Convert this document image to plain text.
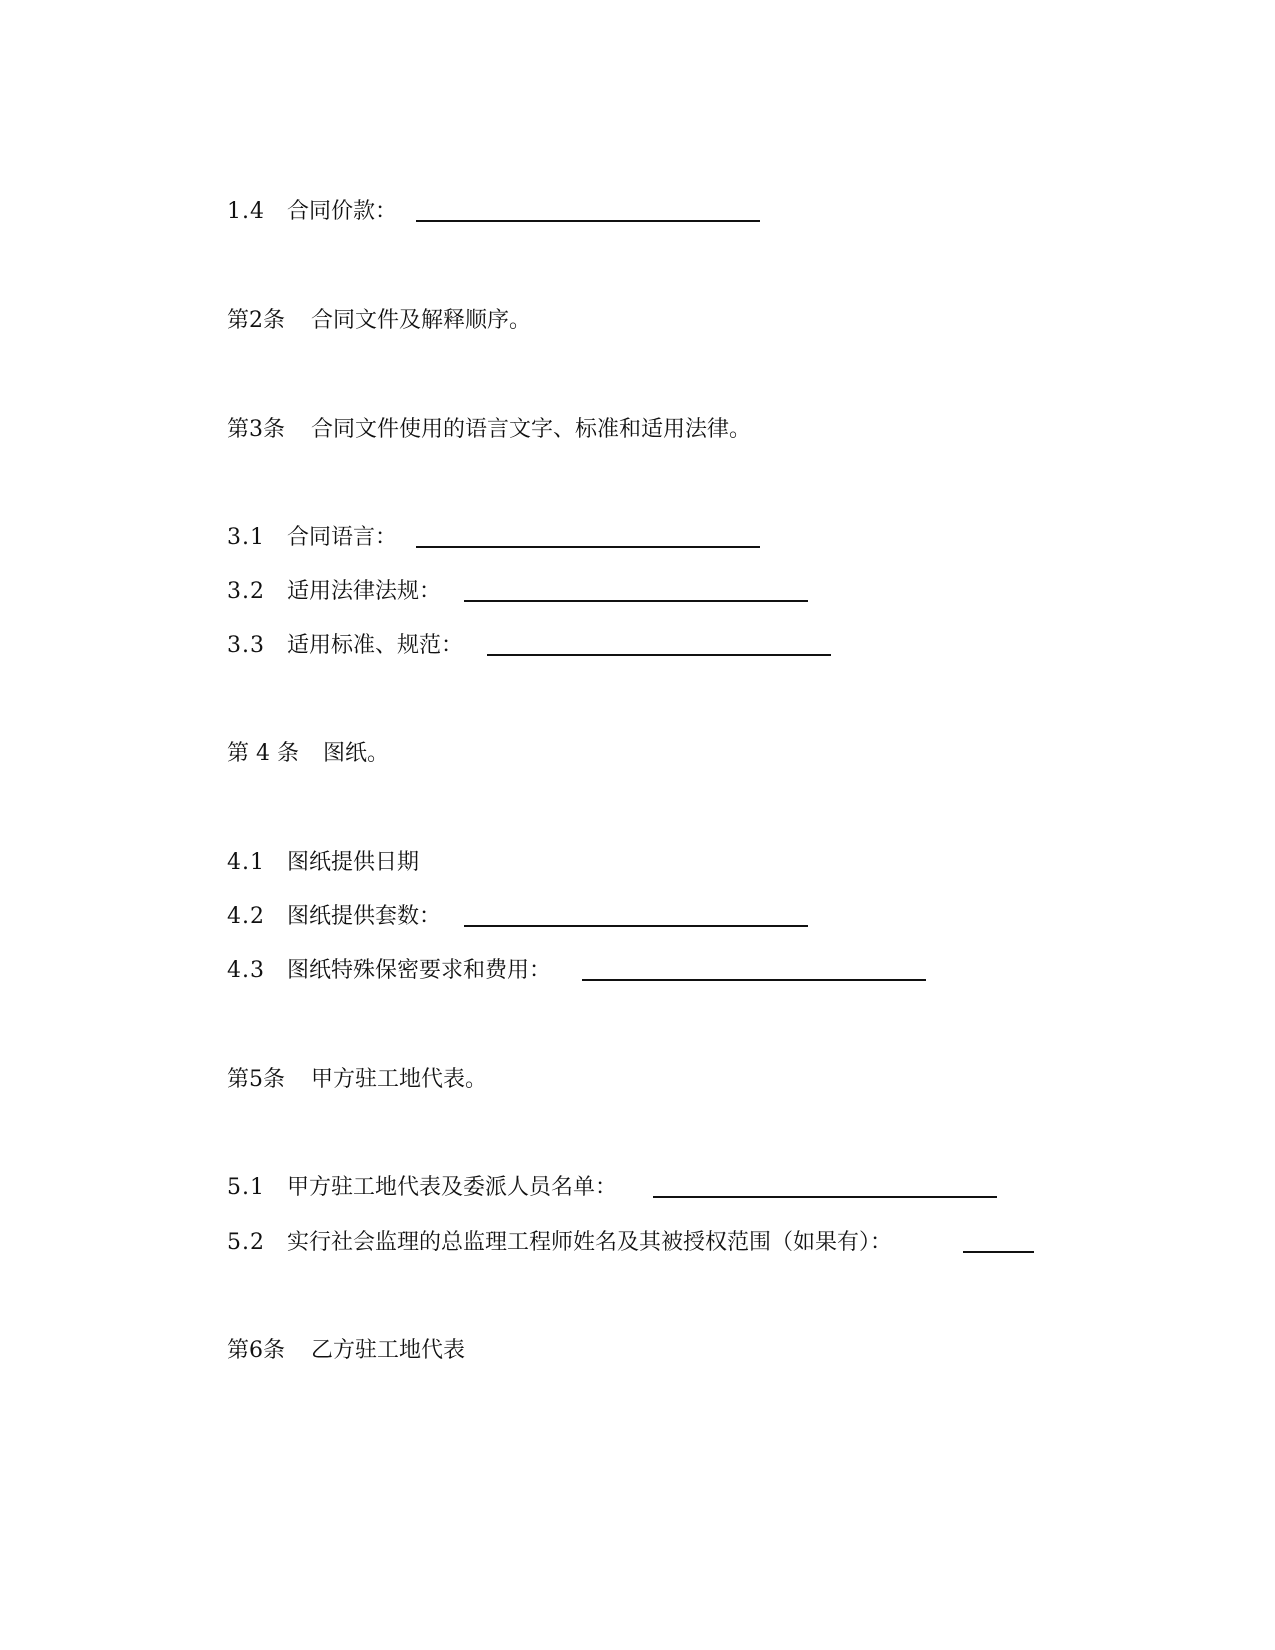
1.4 合同价款：
第2条 合同文件及解释顺序。
第3条 合同文件使用的语言文字、标准和适用法律。
3.1 合同语言：
3.2 适用法律法规：
3.3 适用标准、规范：
第 4 条 图纸。
4.1 图纸提供日期
4.2 图纸提供套数：
4.3 图纸特殊保密要求和费用：
第5条 甲方驻工地代表。
5.1 甲方驻工地代表及委派人员名单：
5.2 实行社会监理的总监理工程师姓名及其被授权范围（如果有）：
第6条 乙方驻工地代表
